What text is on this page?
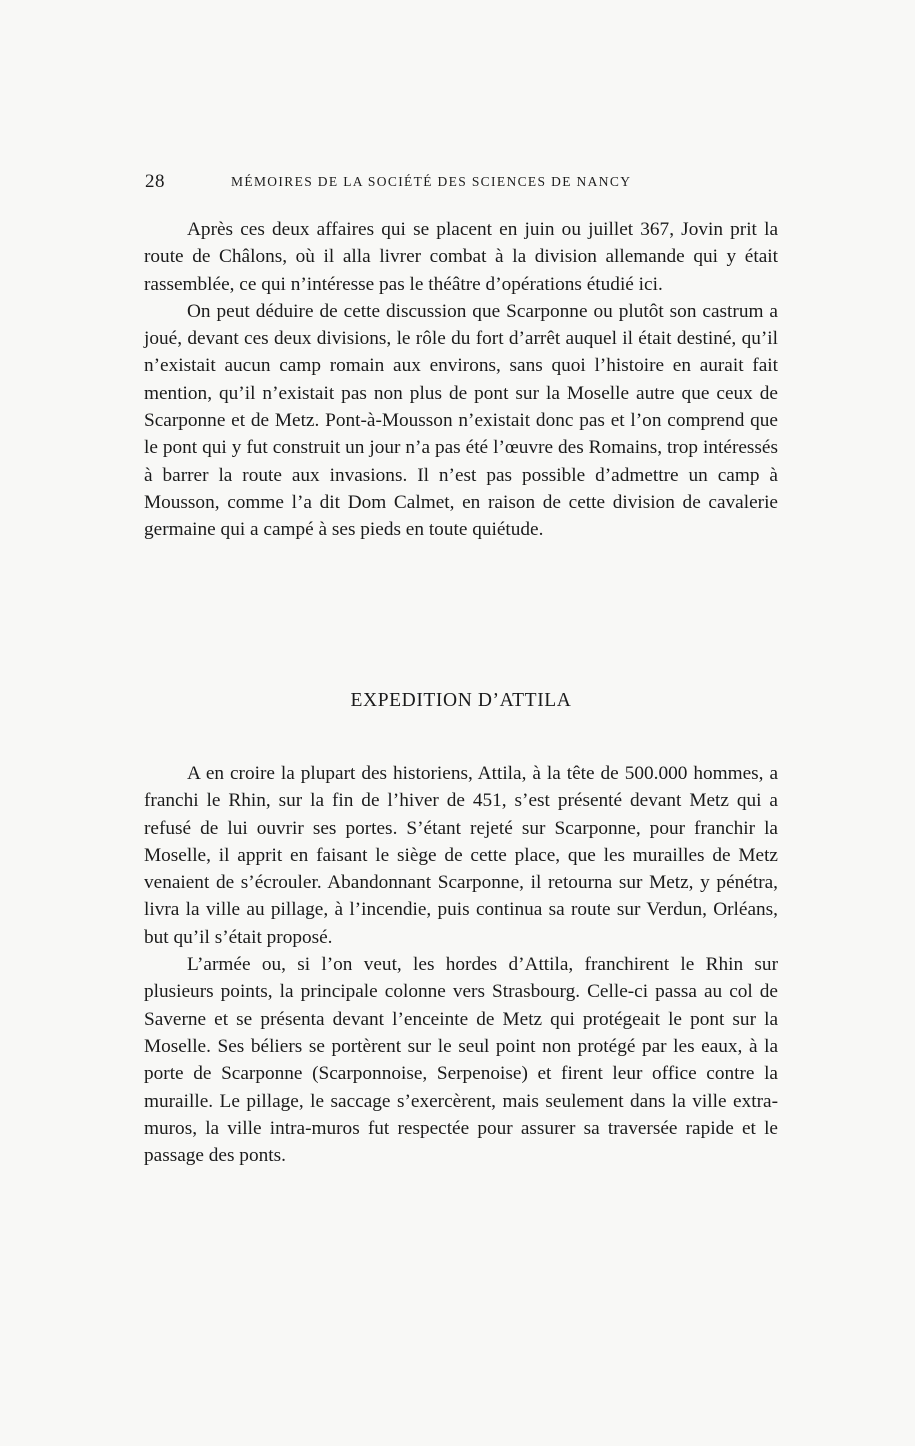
28	MÉMOIRES DE LA SOCIÉTÉ DES SCIENCES DE NANCY

Après ces deux affaires qui se placent en juin ou juillet 367, Jovin prit la route de Châlons, où il alla livrer combat à la division allemande qui y était rassemblée, ce qui n’intéresse pas le théâtre d’opérations étudié ici.

On peut déduire de cette discussion que Scarponne ou plutôt son castrum a joué, devant ces deux divisions, le rôle du fort d’arrêt auquel il était destiné, qu’il n’existait aucun camp romain aux environs, sans quoi l’histoire en aurait fait mention, qu’il n’existait pas non plus de pont sur la Moselle autre que ceux de Scarponne et de Metz. Pont-à-Mousson n’existait donc pas et l’on comprend que le pont qui y fut construit un jour n’a pas été l’œuvre des Romains, trop intéressés à barrer la route aux invasions. Il n’est pas possible d’admettre un camp à Mousson, comme l’a dit Dom Calmet, en raison de cette division de cavalerie germaine qui a campé à ses pieds en toute quiétude.

EXPEDITION D’ATTILA

A en croire la plupart des historiens, Attila, à la tête de 500.000 hommes, a franchi le Rhin, sur la fin de l’hiver de 451, s’est présenté devant Metz qui a refusé de lui ouvrir ses portes. S’étant rejeté sur Scarponne, pour franchir la Moselle, il apprit en faisant le siège de cette place, que les murailles de Metz venaient de s’écrouler. Abandonnant Scarponne, il retourna sur Metz, y pénétra, livra la ville au pillage, à l’incendie, puis continua sa route sur Verdun, Orléans, but qu’il s’était proposé.

L’armée ou, si l’on veut, les hordes d’Attila, franchirent le Rhin sur plusieurs points, la principale colonne vers Strasbourg. Celle-ci passa au col de Saverne et se présenta devant l’enceinte de Metz qui protégeait le pont sur la Moselle. Ses béliers se portèrent sur le seul point non protégé par les eaux, à la porte de Scarponne (Scarponnoise, Serpenoise) et firent leur office contre la muraille. Le pillage, le saccage s’exercèrent, mais seulement dans la ville extra-muros, la ville intra-muros fut respectée pour assurer sa traversée rapide et le passage des ponts.
